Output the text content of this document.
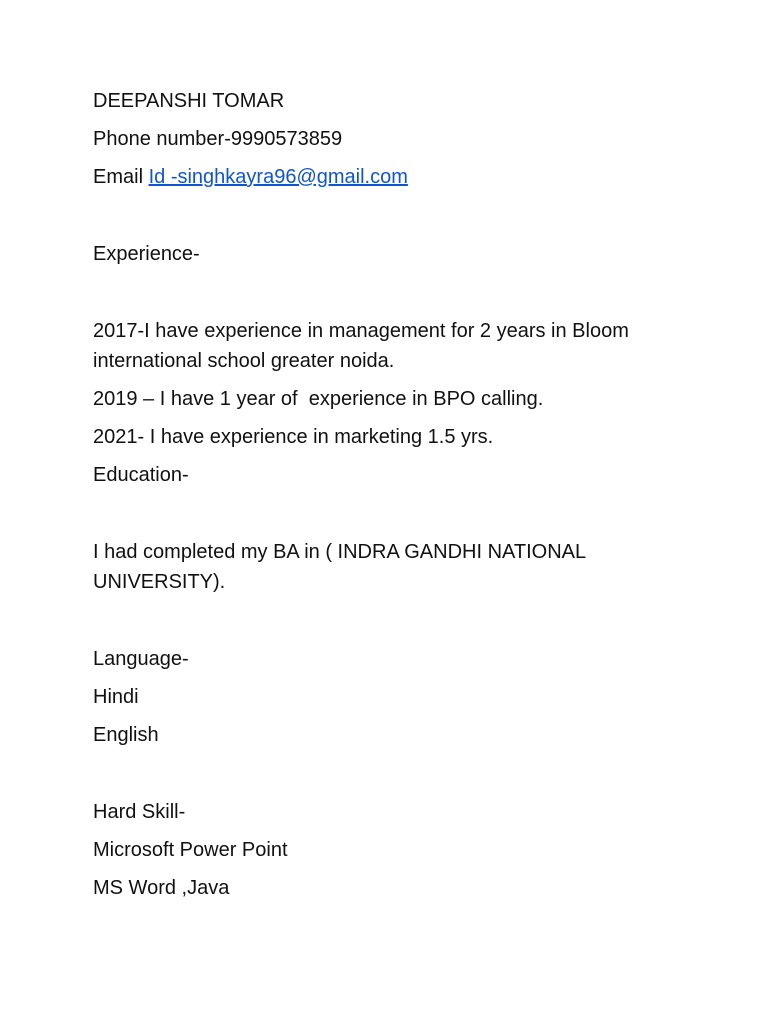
DEEPANSHI TOMAR
Phone number-9990573859
Email Id -singhkayra96@gmail.com
Experience-
2017-I have experience in management for 2 years in Bloom international school greater noida.
2019 – I have 1 year of  experience in BPO calling.
2021- I have experience in marketing 1.5 yrs.
Education-
I had completed my BA in ( INDRA GANDHI NATIONAL UNIVERSITY).
Language-
Hindi
English
Hard Skill-
Microsoft Power Point
MS Word ,Java
